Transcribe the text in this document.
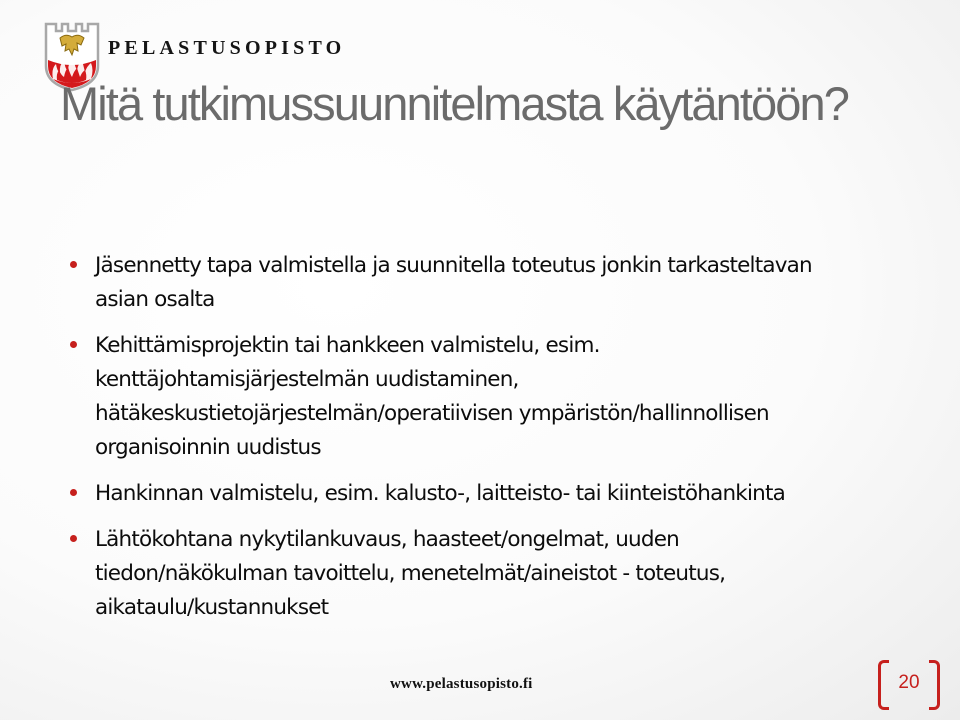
PELASTUSOPISTO
Mitä tutkimussuunnitelmasta käytäntöön?
Jäsennetty tapa valmistella ja suunnitella toteutus jonkin tarkasteltavan asian osalta
Kehittämisprojektin tai hankkeen valmistelu, esim. kenttäjohtamisjärjestelmän uudistaminen, hätäkeskustietojärjestelmän/operatiivisen ympäristön/hallinnollisen organisoinnin uudistus
Hankinnan valmistelu, esim. kalusto-, laitteisto- tai kiinteistöhankinta
Lähtökohtana nykytilankuvaus, haasteet/ongelmat, uuden tiedon/näkökulman tavoittelu, menetelmät/aineistot - toteutus, aikataulu/kustannukset
www.pelastusopisto.fi	20
